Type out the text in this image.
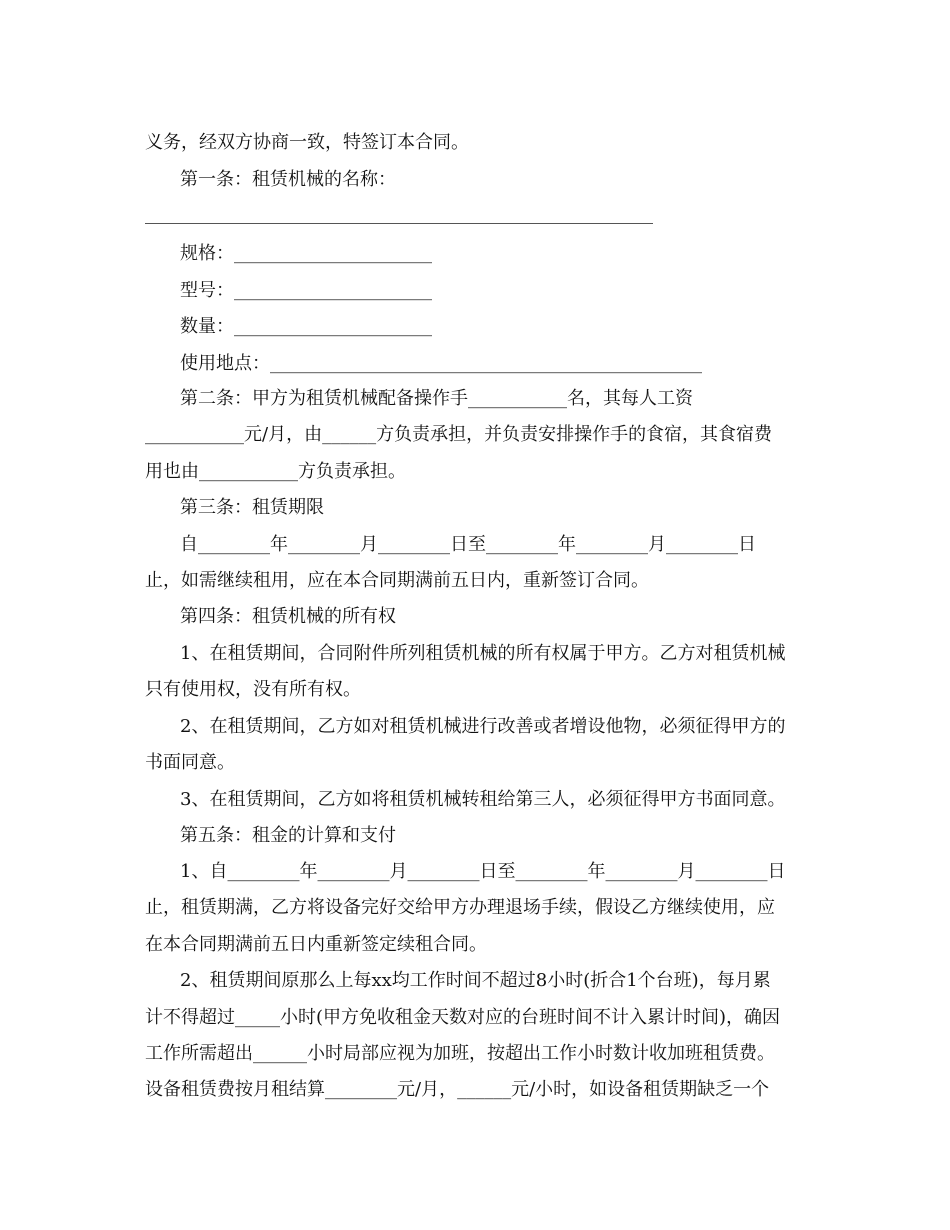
义务，经双方协商一致，特签订本合同。
第一条：租赁机械的名称：
规格：______________________
型号：______________________
数量：______________________
使用地点：________________________________________________
第二条：甲方为租赁机械配备操作手___________名，其每人工资
___________元/月，由______方负责承担，并负责安排操作手的食宿，其食宿费
用也由___________方负责承担。
第三条：租赁期限
自________年________月________日至________年________月________日
止，如需继续租用，应在本合同期满前五日内，重新签订合同。
第四条：租赁机械的所有权
1、在租赁期间，合同附件所列租赁机械的所有权属于甲方。乙方对租赁机械
只有使用权，没有所有权。
2、在租赁期间，乙方如对租赁机械进行改善或者增设他物，必须征得甲方的
书面同意。
3、在租赁期间，乙方如将租赁机械转租给第三人，必须征得甲方书面同意。
第五条：租金的计算和支付
1、自________年________月________日至________年________月________日
止，租赁期满，乙方将设备完好交给甲方办理退场手续，假设乙方继续使用，应
在本合同期满前五日内重新签定续租合同。
2、租赁期间原那么上每xx均工作时间不超过8小时(折合1个台班)，每月累
计不得超过_____小时(甲方免收租金天数对应的台班时间不计入累计时间)，确因
工作所需超出______小时局部应视为加班，按超出工作小时数计收加班租赁费。
设备租赁费按月租结算________元/月，______元/小时，如设备租赁期缺乏一个
